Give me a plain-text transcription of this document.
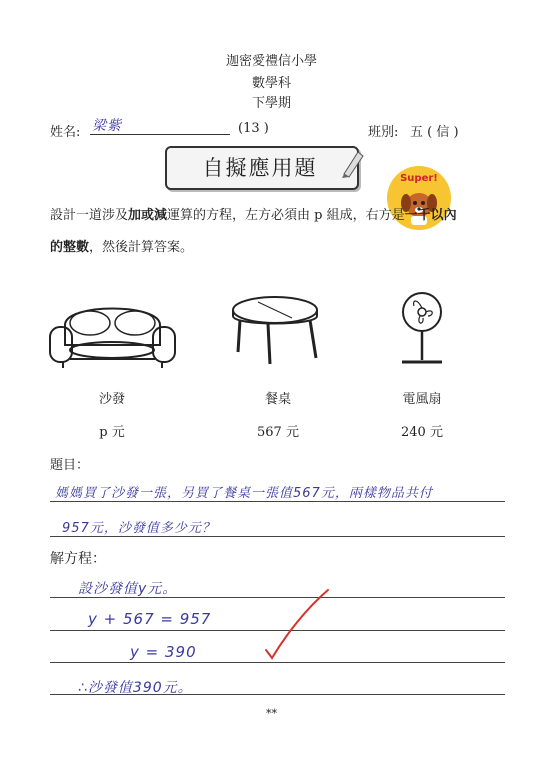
迦密愛禮信小學
數學科
下學期
姓名: 梁紫	(13 )	班別: 五 ( 信 )
自擬應用題	Super!
設計一道涉及加或減運算的方程，左方必須由 p 組成，右方是一千以內
的整數，然後計算答案。
沙發	餐桌	電風扇
p 元	567 元	240 元
題目：
媽媽買了沙發一張，另買了餐桌一張值567元，兩樣物品共付
957元，沙發值多少元？
解方程：
設沙發值y元。
y + 567 = 957
y = 390
∴沙發值390元。
**
